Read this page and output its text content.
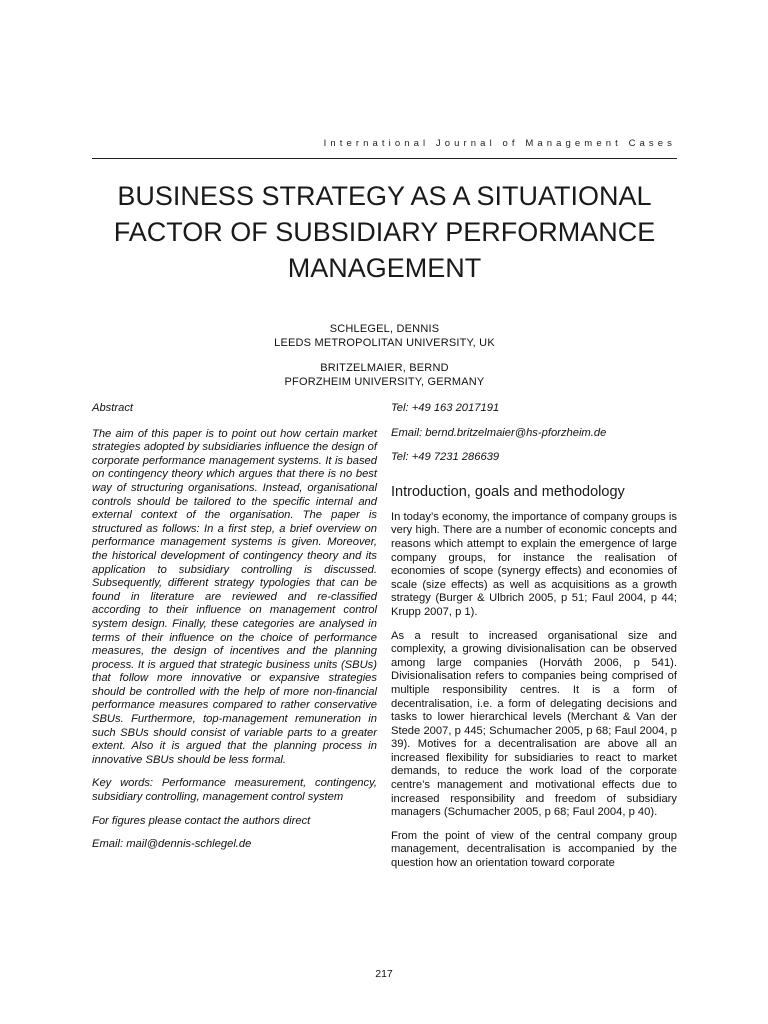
International Journal of Management Cases
BUSINESS STRATEGY AS A SITUATIONAL FACTOR OF SUBSIDIARY PERFORMANCE MANAGEMENT
SCHLEGEL, DENNIS
LEEDS METROPOLITAN UNIVERSITY, UK
BRITZELMAIER, BERND
PFORZHEIM UNIVERSITY, GERMANY

Abstract

The aim of this paper is to point out how certain market strategies adopted by subsidiaries influence the design of corporate performance management systems. It is based on contingency theory which argues that there is no best way of structuring organisations. Instead, organisational controls should be tailored to the specific internal and external context of the organisation. The paper is structured as follows: In a first step, a brief overview on performance management systems is given. Moreover, the historical development of contingency theory and its application to subsidiary controlling is discussed. Subsequently, different strategy typologies that can be found in literature are reviewed and re-classified according to their influence on management control system design. Finally, these categories are analysed in terms of their influence on the choice of performance measures, the design of incentives and the planning process. It is argued that strategic business units (SBUs) that follow more innovative or expansive strategies should be controlled with the help of more non-financial performance measures compared to rather conservative SBUs. Furthermore, top-management remuneration in such SBUs should consist of variable parts to a greater extent. Also it is argued that the planning process in innovative SBUs should be less formal.

Key words: Performance measurement, contingency, subsidiary controlling, management control system

For figures please contact the authors direct

Email: mail@dennis-schlegel.de

Tel: +49 163 2017191
Email: bernd.britzelmaier@hs-pforzheim.de
Tel: +49 7231 286639
Introduction, goals and methodology

In today’s economy, the importance of company groups is very high. There are a number of economic concepts and reasons which attempt to explain the emergence of large company groups, for instance the realisation of economies of scope (synergy effects) and economies of scale (size effects) as well as acquisitions as a growth strategy (Burger & Ulbrich 2005, p 51; Faul 2004, p 44; Krupp 2007, p 1).

As a result to increased organisational size and complexity, a growing divisionalisation can be observed among large companies (Horváth 2006, p 541). Divisionalisation refers to companies being comprised of multiple responsibility centres. It is a form of decentralisation, i.e. a form of delegating decisions and tasks to lower hierarchical levels (Merchant & Van der Stede 2007, p 445; Schumacher 2005, p 68; Faul 2004, p 39). Motives for a decentralisation are above all an increased flexibility for subsidiaries to react to market demands, to reduce the work load of the corporate centre’s management and motivational effects due to increased responsibility and freedom of subsidiary managers (Schumacher 2005, p 68; Faul 2004, p 40).

From the point of view of the central company group management, decentralisation is accompanied by the question how an orientation toward corporate

217
